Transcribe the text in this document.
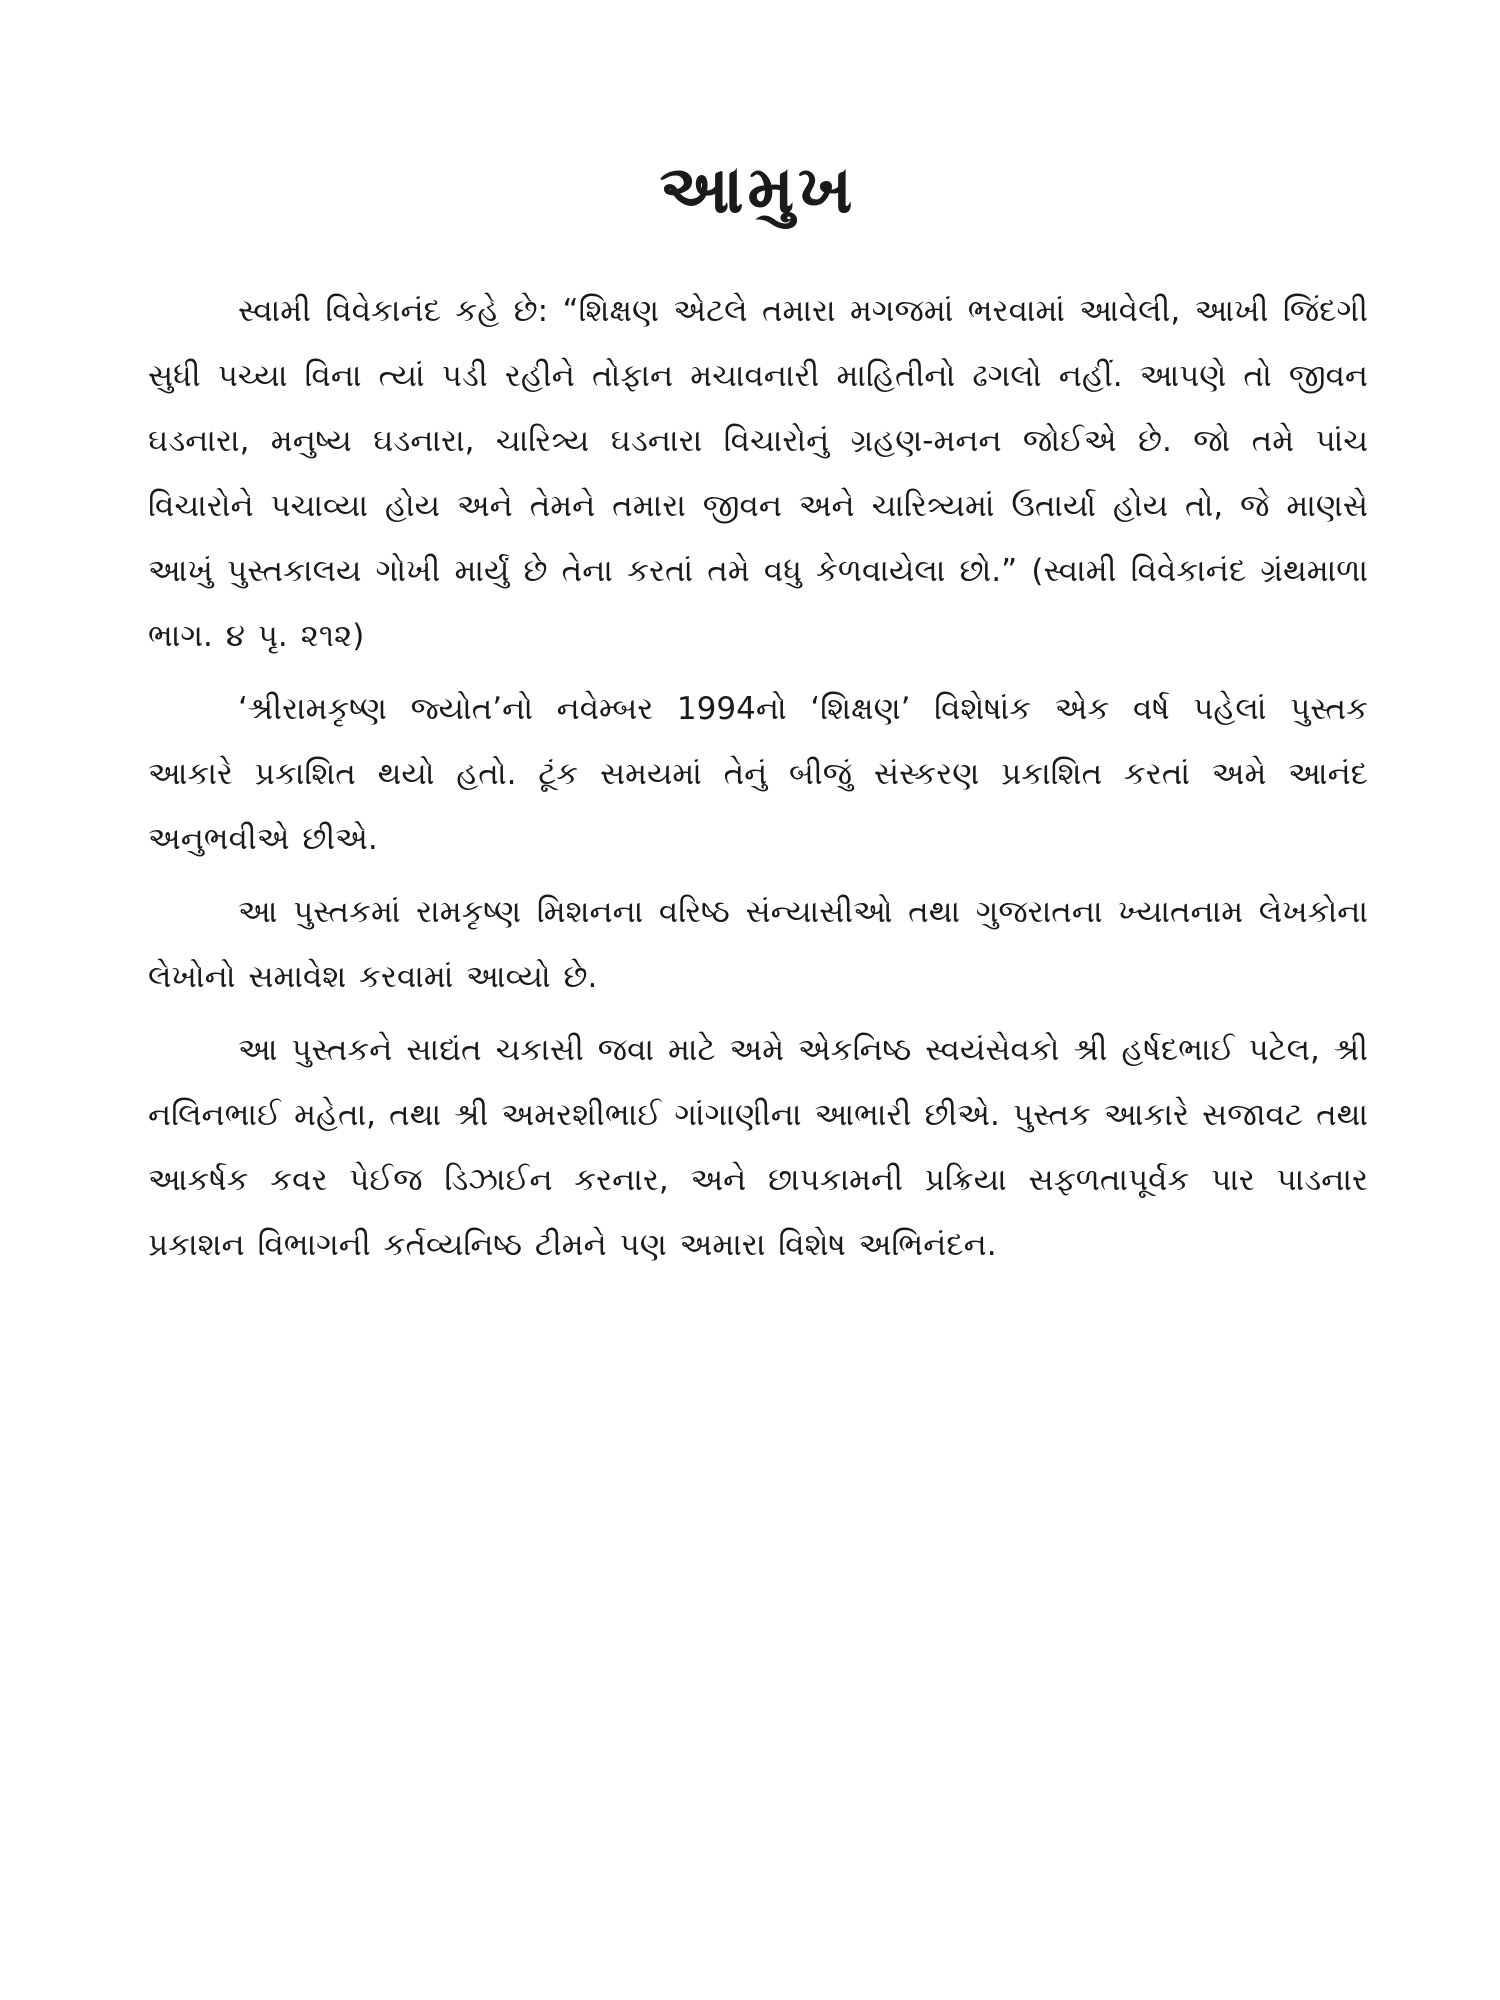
આમુખ

સ્વામી વિવેકાનંદ કહે છે: “શિક્ષણ એટલે તમારા મગજમાં ભરવામાં આવેલી, આખી જિંદગી સુધી પચ્યા વિના ત્યાં પડી રહીને તોફાન મચાવનારી માહિતીનો ઢગલો નહીં. આપણે તો જીવન ઘડનારા, મનુષ્ય ઘડનારા, ચારિત્ર્ય ઘડનારા વિચારોનું ગ્રહણ-મનન જોઈએ છે. જો તમે પાંચ વિચારોને પચાવ્યા હોય અને તેમને તમારા જીવન અને ચારિત્ર્યમાં ઉતાર્યા હોય તો, જે માણસે આખું પુસ્તકાલય ગોખી માર્યું છે તેના કરતાં તમે વધુ કેળવાયેલા છો.” (સ્વામી વિવેકાનંદ ગ્રંથમાળા ભાગ. ૪ પૃ. ૨૧૨)

‘શ્રીરામકૃષ્ણ જ્યોત’નો નવેમ્બર 1994નો ‘શિક્ષણ’ વિશેષાંક એક વર્ષ પહેલાં પુસ્તક આકારે પ્રકાશિત થયો હતો. ટૂંક સમયમાં તેનું બીજું સંસ્કરણ પ્રકાશિત કરતાં અમે આનંદ અનુભવીએ છીએ.

આ પુસ્તકમાં રામકૃષ્ણ મિશનના વરિષ્ઠ સંન્યાસીઓ તથા ગુજરાતના ખ્યાતનામ લેખકોના લેખોનો સમાવેશ કરવામાં આવ્યો છે.

આ પુસ્તકને સાદ્યંત ચકાસી જવા માટે અમે એકનિષ્ઠ સ્વયંસેવકો શ્રી હર્ષદભાઈ પટેલ, શ્રી નલિનભાઈ મહેતા, તથા શ્રી અમરશીભાઈ ગાંગાણીના આભારી છીએ. પુસ્તક આકારે સજાવટ તથા આકર્ષક કવર પેઈજ ડિઝાઈન કરનાર, અને છાપકામની પ્રક્રિયા સફળતાપૂર્વક પાર પાડનાર પ્રકાશન વિભાગની કર્તવ્યનિષ્ઠ ટીમને પણ અમારા વિશેષ અભિનંદન.
